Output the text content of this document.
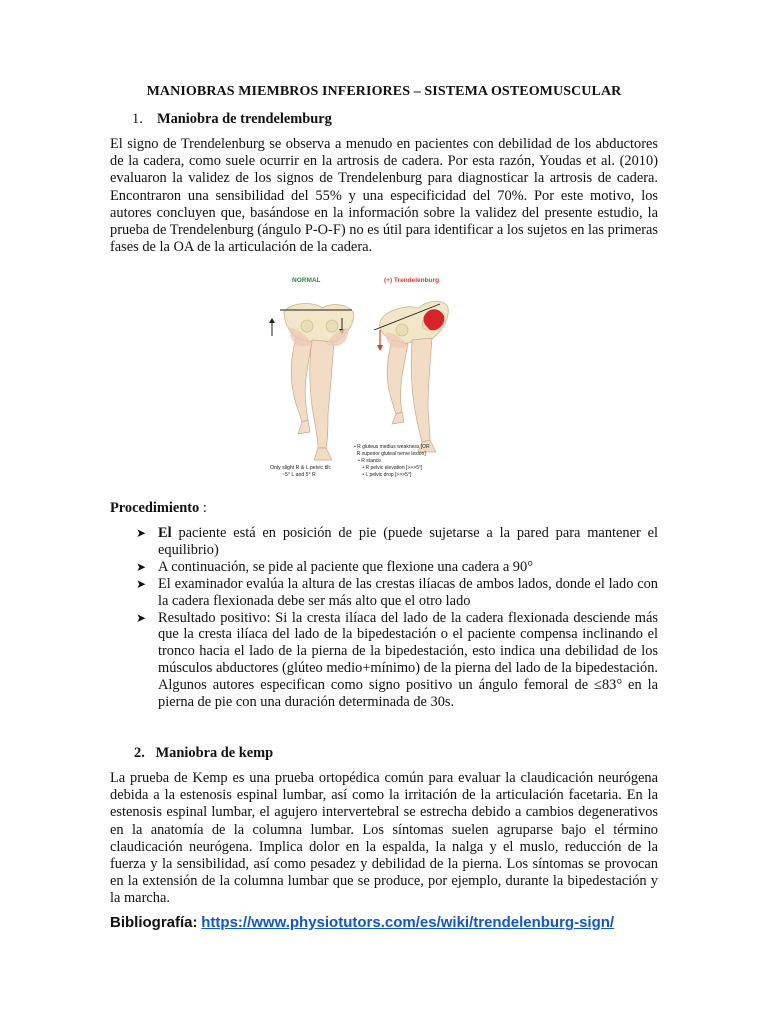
MANIOBRAS MIEMBROS INFERIORES – SISTEMA OSTEOMUSCULAR
1. Maniobra de trendelemburg
El signo de Trendelenburg se observa a menudo en pacientes con debilidad de los abductores de la cadera, como suele ocurrir en la artrosis de cadera. Por esta razón, Youdas et al. (2010) evaluaron la validez de los signos de Trendelenburg para diagnosticar la artrosis de cadera. Encontraron una sensibilidad del 55% y una especificidad del 70%. Por este motivo, los autores concluyen que, basándose en la información sobre la validez del presente estudio, la prueba de Trendelenburg (ángulo P-O-F) no es útil para identificar a los sujetos en las primeras fases de la OA de la articulación de la cadera.
NORMAL	(+) Trendelenburg
Only slight R & L pelvic tilt:
~5° L and 5° R
• R gluteus medius weakness [OR
R superior gluteal nerve lesion]
• R stance
• R pelvic elevation [>>>5°]
• L pelvic drop [>>>5°]
Procedimiento :
➤ El paciente está en posición de pie (puede sujetarse a la pared para mantener el equilibrio)
➤ A continuación, se pide al paciente que flexione una cadera a 90°
➤ El examinador evalúa la altura de las crestas ilíacas de ambos lados, donde el lado con la cadera flexionada debe ser más alto que el otro lado
➤ Resultado positivo: Si la cresta ilíaca del lado de la cadera flexionada desciende más que la cresta ilíaca del lado de la bipedestación o el paciente compensa inclinando el tronco hacia el lado de la pierna de la bipedestación, esto indica una debilidad de los músculos abductores (glúteo medio+mínimo) de la pierna del lado de la bipedestación. Algunos autores especifican como signo positivo un ángulo femoral de ≤83° en la pierna de pie con una duración determinada de 30s.
2. Maniobra de kemp
La prueba de Kemp es una prueba ortopédica común para evaluar la claudicación neurógena debida a la estenosis espinal lumbar, así como la irritación de la articulación facetaria. En la estenosis espinal lumbar, el agujero intervertebral se estrecha debido a cambios degenerativos en la anatomía de la columna lumbar. Los síntomas suelen agruparse bajo el término claudicación neurógena. Implica dolor en la espalda, la nalga y el muslo, reducción de la fuerza y la sensibilidad, así como pesadez y debilidad de la pierna. Los síntomas se provocan en la extensión de la columna lumbar que se produce, por ejemplo, durante la bipedestación y la marcha.
Bibliografía: https://www.physiotutors.com/es/wiki/trendelenburg-sign/
